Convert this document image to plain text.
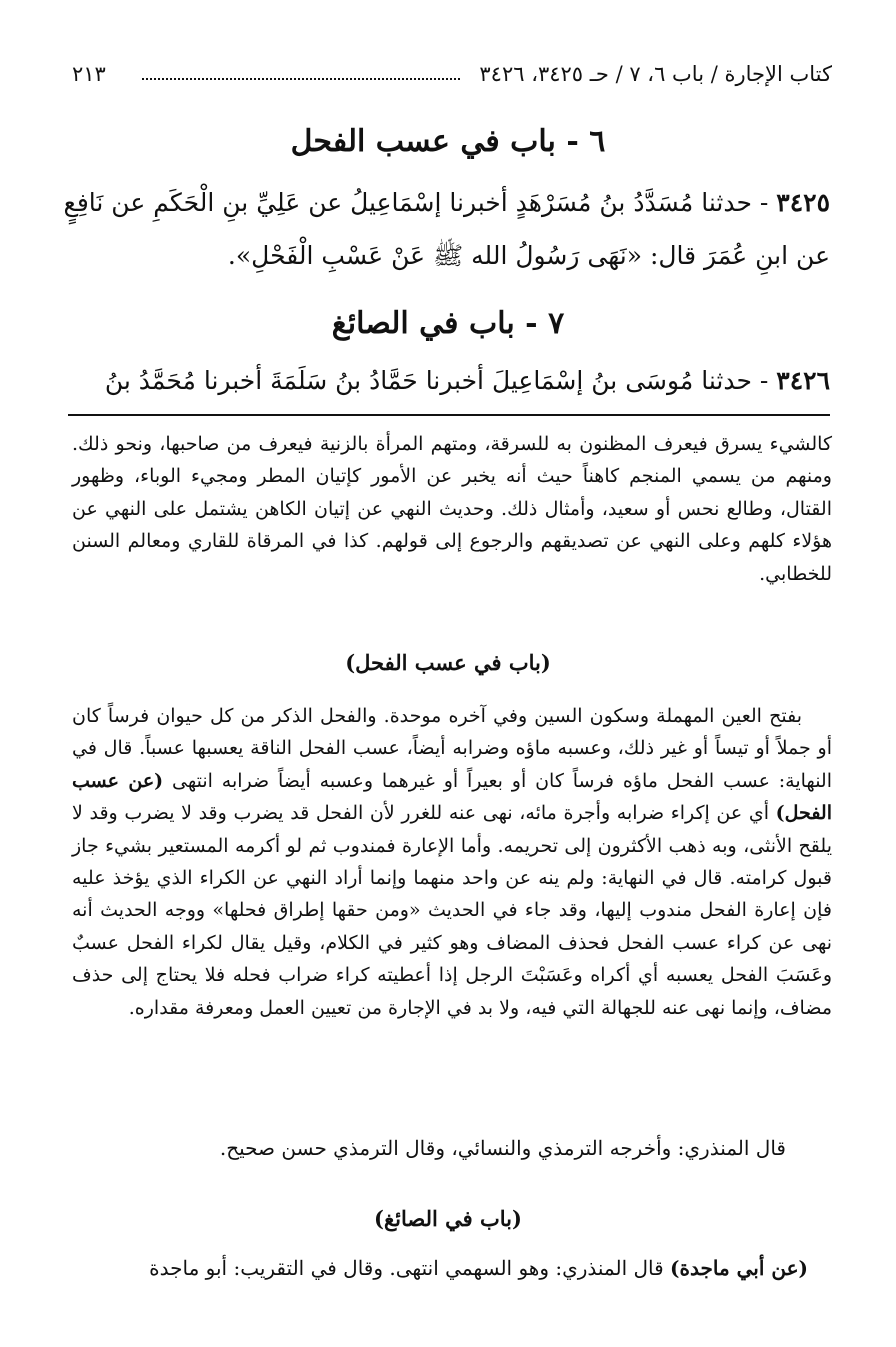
كتاب الإجارة / باب ٦، ٧ / حـ ٣٤٢٥، ٣٤٢٦
٢١٣
٦ - باب في عسب الفحل
٣٤٢٥ - حدثنا مُسَدَّدُ بنُ مُسَرْهَدٍ أخبرنا إسْمَاعِيلُ عن عَلِيِّ بنِ الْحَكَمِ عن نَافِعٍ
عن ابنِ عُمَرَ قال: «نَهَى رَسُولُ الله ﷺ عَنْ عَسْبِ الْفَحْلِ».
٧ - باب في الصائغ
٣٤٢٦ - حدثنا مُوسَى بنُ إسْمَاعِيلَ أخبرنا حَمَّادُ بنُ سَلَمَةَ أخبرنا مُحَمَّدُ بنُ

كالشيء يسرق فيعرف المظنون به للسرقة، ومتهم المرأة بالزنية فيعرف من صاحبها، ونحو ذلك. ومنهم من يسمي المنجم كاهناً حيث أنه يخبر عن الأمور كإتيان المطر ومجيء الوباء، وظهور القتال، وطالع نحس أو سعيد، وأمثال ذلك. وحديث النهي عن إتيان الكاهن يشتمل على النهي عن هؤلاء كلهم وعلى النهي عن تصديقهم والرجوع إلى قولهم. كذا في المرقاة للقاري ومعالم السنن للخطابي.

(باب في عسب الفحل)

بفتح العين المهملة وسكون السين وفي آخره موحدة. والفحل الذكر من كل حيوان فرساً كان أو جملاً أو تيساً أو غير ذلك، وعسبه ماؤه وضرابه أيضاً، عسب الفحل الناقة يعسبها عسباً. قال في النهاية: عسب الفحل ماؤه فرساً كان أو بعيراً أو غيرهما وعسبه أيضاً ضرابه انتهى (عن عسب الفحل) أي عن إكراء ضرابه وأجرة مائه، نهى عنه للغرر لأن الفحل قد يضرب وقد لا يضرب وقد لا يلقح الأنثى، وبه ذهب الأكثرون إلى تحريمه. وأما الإعارة فمندوب ثم لو أكرمه المستعير بشيء جاز قبول كرامته. قال في النهاية: ولم ينه عن واحد منهما وإنما أراد النهي عن الكراء الذي يؤخذ عليه فإن إعارة الفحل مندوب إليها، وقد جاء في الحديث «ومن حقها إطراق فحلها» ووجه الحديث أنه نهى عن كراء عسب الفحل فحذف المضاف وهو كثير في الكلام، وقيل يقال لكراء الفحل عسبٌ وعَسَبَ الفحل يعسبه أي أكراه وعَسَبْتَ الرجل إذا أعطيته كراء ضراب فحله فلا يحتاج إلى حذف مضاف، وإنما نهى عنه للجهالة التي فيه، ولا بد في الإجارة من تعيين العمل ومعرفة مقداره.

قال المنذري: وأخرجه الترمذي والنسائي، وقال الترمذي حسن صحيح.
(باب في الصائغ)
(عن أبي ماجدة) قال المنذري: وهو السهمي انتهى. وقال في التقريب: أبو ماجدة
